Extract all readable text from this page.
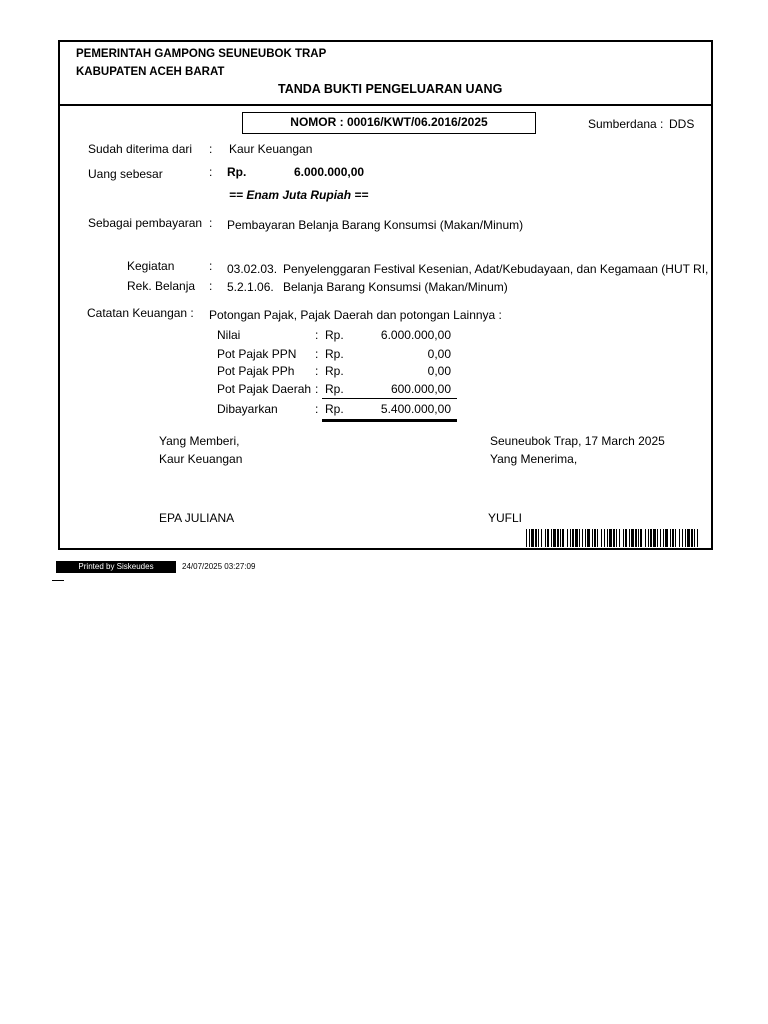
PEMERINTAH GAMPONG SEUNEUBOK TRAP
KABUPATEN ACEH BARAT
TANDA BUKTI PENGELUARAN UANG
NOMOR : 00016/KWT/06.2016/2025	Sumberdana : DDS
Sudah diterima dari : Kaur Keuangan
Uang sebesar	: Rp.	6.000.000,00
== Enam Juta Rupiah ==
Sebagai pembayaran : Pembayaran Belanja Barang Konsumsi (Makan/Minum)
Kegiatan	: 03.02.03. Penyelenggaran Festival Kesenian, Adat/Kebudayaan, dan Kegamaan (HUT RI,
Rek. Belanja : 5.2.1.06. Belanja Barang Konsumsi (Makan/Minum)
Catatan Keuangan : Potongan Pajak, Pajak Daerah dan potongan Lainnya :
Nilai	: Rp.	6.000.000,00
Pot Pajak PPN : Rp.	0,00
Pot Pajak PPh : Rp.	0,00
Pot Pajak Daerah : Rp.	600.000,00
Dibayarkan	: Rp.	5.400.000,00
Yang Memberi,
Kaur Keuangan
EPA JULIANA
Seuneubok Trap, 17 March 2025
Yang Menerima,
YUFLI
Printed by Siskeudes	24/07/2025 03:27:09
